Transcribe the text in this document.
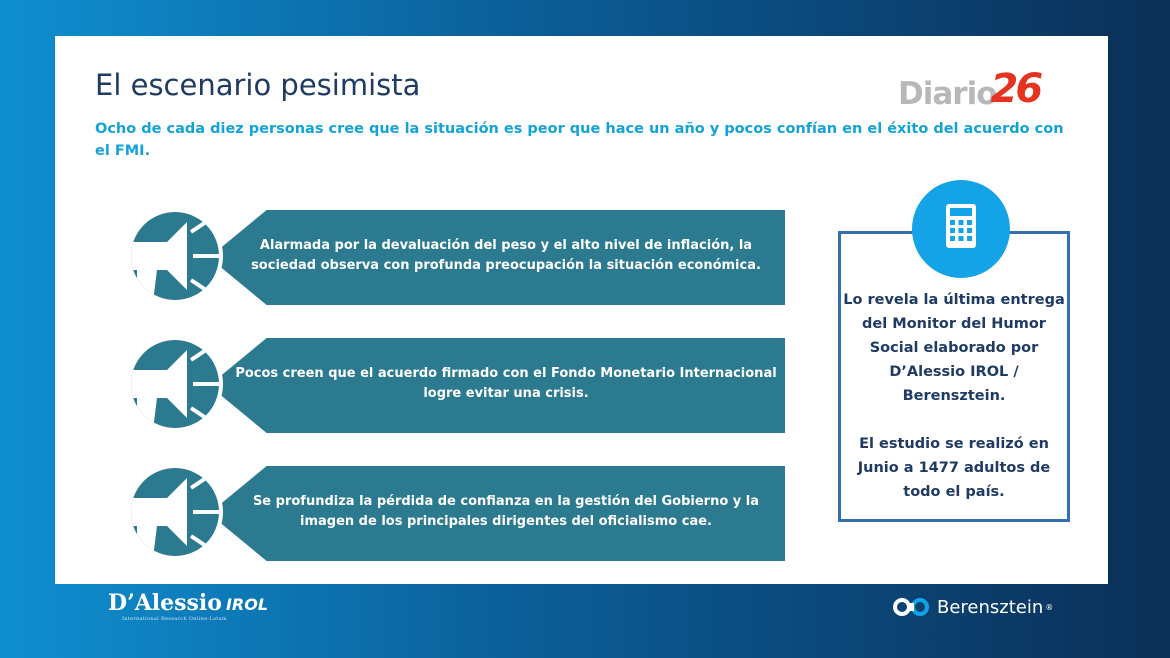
El escenario pesimista

Ocho de cada diez personas cree que la situación es peor que hace un año y pocos confían en el éxito del acuerdo con el FMI.

Diario26
Alarmada por la devaluación del peso y el alto nivel de inflación, la sociedad observa con profunda preocupación la situación económica.
Pocos creen que el acuerdo firmado con el Fondo Monetario Internacional logre evitar una crisis.
Se profundiza la pérdida de confianza en la gestión del Gobierno y la imagen de los principales dirigentes del oficialismo cae.

Lo revela la última entrega del Monitor del Humor Social elaborado por D’Alessio IROL / Berensztein.

El estudio se realizó en Junio a 1477 adultos de todo el país.

D’Alessio IROL
International Research Online-Latam
Berensztein ®
